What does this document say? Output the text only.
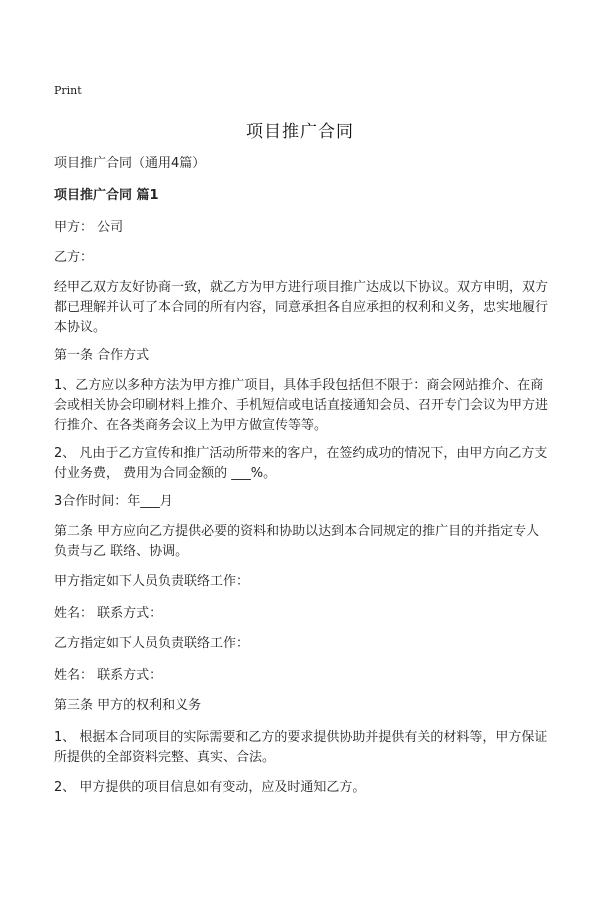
Print
项目推广合同

项目推广合同（通用4篇）

项目推广合同 篇1

甲方： 公司

乙方：

经甲乙双方友好协商一致，就乙方为甲方进行项目推广达成以下协议。双方申明，双方都已理解并认可了本合同的所有内容，同意承担各自应承担的权利和义务，忠实地履行本协议。

第一条 合作方式

1、乙方应以多种方法为甲方推广项目，具体手段包括但不限于：商会网站推介、在商会或相关协会印刷材料上推介、手机短信或电话直接通知会员、召开专门会议为甲方进行推介、在各类商务会议上为甲方做宣传等等。

2、 凡由于乙方宣传和推广活动所带来的客户，在签约成功的情况下，由甲方向乙方支付业务费， 费用为合同金额的 ___%。

3合作时间：年___月

第二条 甲方应向乙方提供必要的资料和协助以达到本合同规定的推广目的并指定专人负责与乙 联络、协调。

甲方指定如下人员负责联络工作：

姓名： 联系方式：

乙方指定如下人员负责联络工作：

姓名： 联系方式：

第三条 甲方的权利和义务

1、 根据本合同项目的实际需要和乙方的要求提供协助并提供有关的材料等，甲方保证所提供的全部资料完整、真实、合法。

2、 甲方提供的项目信息如有变动，应及时通知乙方。
